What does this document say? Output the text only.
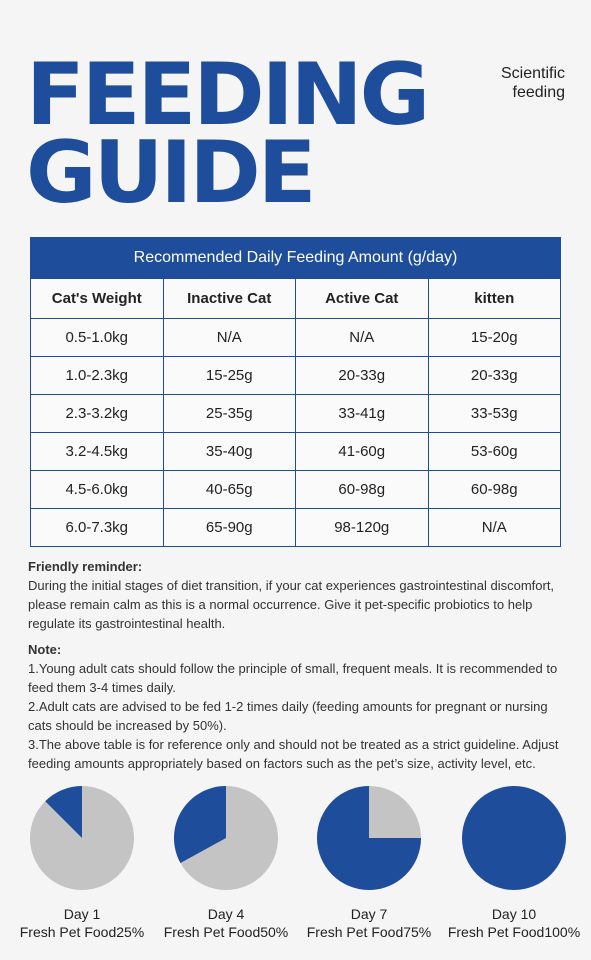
FEEDING
GUIDE
Scientific
feeding
Recommended Daily Feeding Amount (g/day)			
Cat's Weight	Inactive Cat	Active Cat	kitten
0.5-1.0kg	N/A	N/A	15-20g
1.0-2.3kg	15-25g	20-33g	20-33g
2.3-3.2kg	25-35g	33-41g	33-53g
3.2-4.5kg	35-40g	41-60g	53-60g
4.5-6.0kg	40-65g	60-98g	60-98g
6.0-7.3kg	65-90g	98-120g	N/A
Friendly reminder:

During the initial stages of diet transition, if your cat experiences gastrointestinal discomfort, please remain calm as this is a normal occurrence. Give it pet-specific probiotics to help regulate its gastrointestinal health.

Note:

1.Young adult cats should follow the principle of small, frequent meals. It is recommended to feed them 3-4 times daily.

2.Adult cats are advised to be fed 1-2 times daily (feeding amounts for pregnant or nursing cats should be increased by 50%).

3.The above table is for reference only and should not be treated as a strict guideline. Adjust feeding amounts appropriately based on factors such as the pet’s size, activity level, etc.

Day 1
Fresh Pet Food25%
Day 4
Fresh Pet Food50%
Day 7
Fresh Pet Food75%
Day 10
Fresh Pet Food100%
